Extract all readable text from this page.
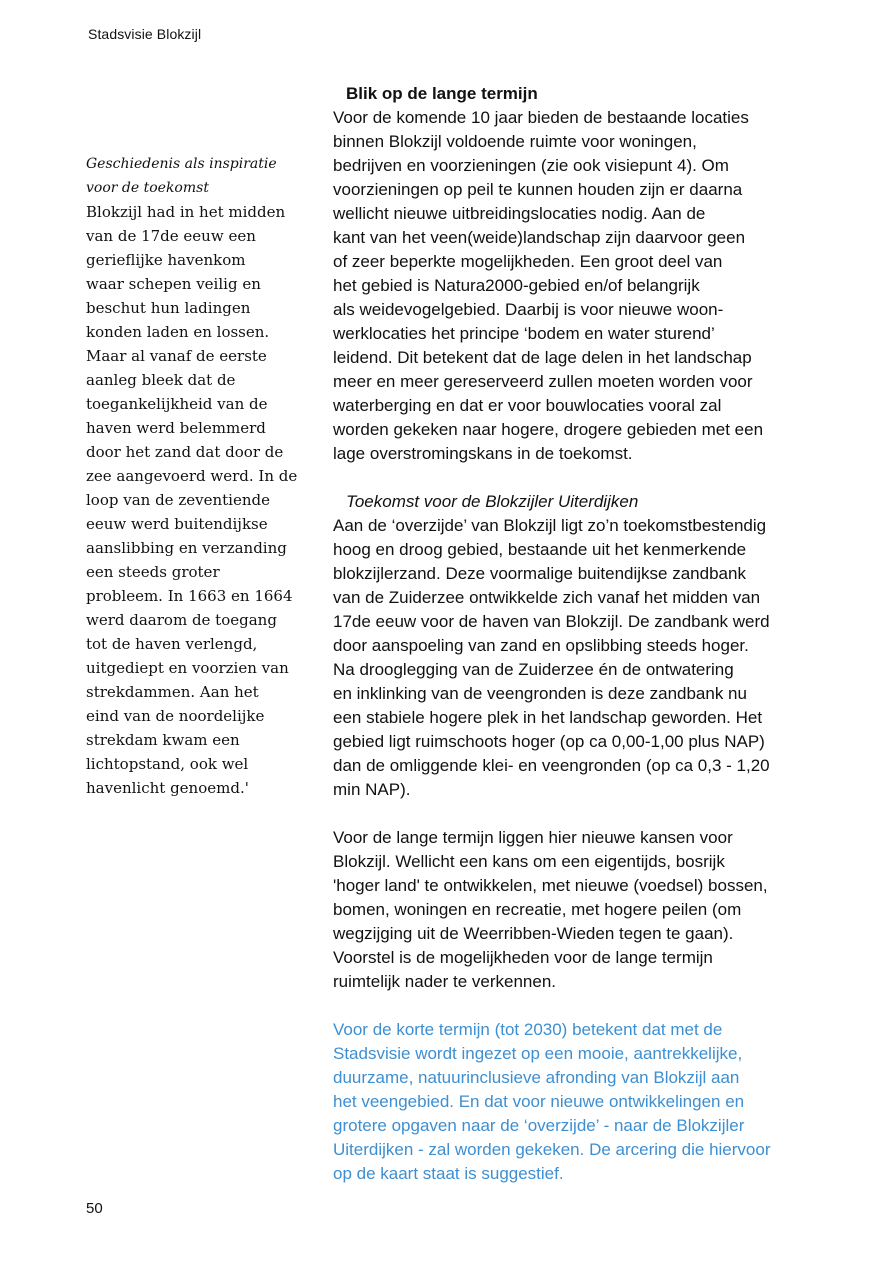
Stadsvisie Blokzijl
Geschiedenis als inspiratie
voor de toekomst
Blokzijl had in het midden
van de 17de eeuw een
gerieflijke havenkom
waar schepen veilig en
beschut hun ladingen
konden laden en lossen.
Maar al vanaf de eerste
aanleg bleek dat de
toegankelijkheid van de
haven werd belemmerd
door het zand dat door de
zee aangevoerd werd. In de
loop van de zeventiende
eeuw werd buitendijkse
aanslibbing en verzanding
een steeds groter
probleem. In 1663 en 1664
werd daarom de toegang
tot de haven verlengd,
uitgediept en voorzien van
strekdammen. Aan het
eind van de noordelijke
strekdam kwam een
lichtopstand, ook wel
havenlicht genoemd.'
Blik op de lange termijn
Voor de komende 10 jaar bieden de bestaande locaties
binnen Blokzijl voldoende ruimte voor woningen,
bedrijven en voorzieningen (zie ook visiepunt 4). Om
voorzieningen op peil te kunnen houden zijn er daarna
wellicht nieuwe uitbreidingslocaties nodig. Aan de
kant van het veen(weide)landschap zijn daarvoor geen
of zeer beperkte mogelijkheden. Een groot deel van
het gebied is Natura2000-gebied en/of belangrijk
als weidevogelgebied. Daarbij is voor nieuwe woon-
werklocaties het principe ‘bodem en water sturend’
leidend. Dit betekent dat de lage delen in het landschap
meer en meer gereserveerd zullen moeten worden voor
waterberging en dat er voor bouwlocaties vooral zal
worden gekeken naar hogere, drogere gebieden met een
lage overstromingskans in de toekomst.
Toekomst voor de Blokzijler Uiterdijken
Aan de ‘overzijde’ van Blokzijl ligt zo’n toekomstbestendig
hoog en droog gebied, bestaande uit het kenmerkende
blokzijlerzand. Deze voormalige buitendijkse zandbank
van de Zuiderzee ontwikkelde zich vanaf het midden van
17de eeuw voor de haven van Blokzijl. De zandbank werd
door aanspoeling van zand en opslibbing steeds hoger.
Na drooglegging van de Zuiderzee én de ontwatering
en inklinking van de veengronden is deze zandbank nu
een stabiele hogere plek in het landschap geworden. Het
gebied ligt ruimschoots hoger (op ca 0,00-1,00 plus NAP)
dan de omliggende klei- en veengronden (op ca 0,3 - 1,20
min NAP).
Voor de lange termijn liggen hier nieuwe kansen voor
Blokzijl. Wellicht een kans om een eigentijds, bosrijk
'hoger land' te ontwikkelen, met nieuwe (voedsel) bossen,
bomen, woningen en recreatie, met hogere peilen (om
wegzijging uit de Weerribben-Wieden tegen te gaan).
Voorstel is de mogelijkheden voor de lange termijn
ruimtelijk nader te verkennen.
Voor de korte termijn (tot 2030) betekent dat met de
Stadsvisie wordt ingezet op een mooie, aantrekkelijke,
duurzame, natuurinclusieve afronding van Blokzijl aan
het veengebied. En dat voor nieuwe ontwikkelingen en
grotere opgaven naar de ‘overzijde’ - naar de Blokzijler
Uiterdijken - zal worden gekeken. De arcering die hiervoor
op de kaart staat is suggestief.
50
